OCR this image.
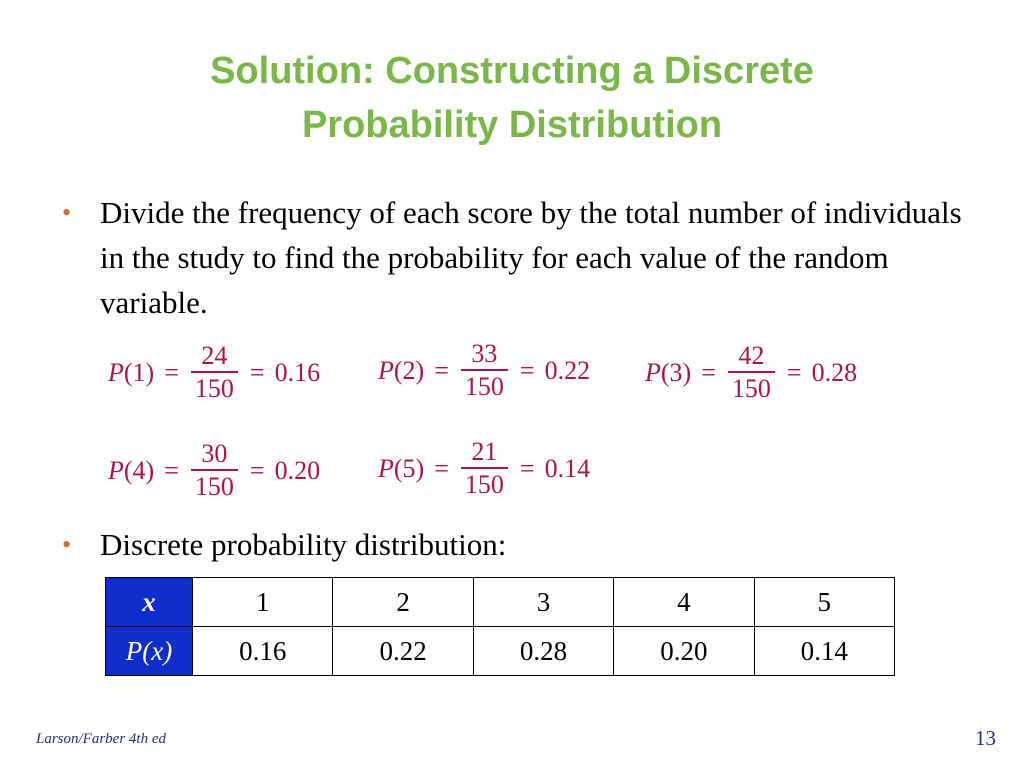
Solution: Constructing a Discrete
Probability Distribution
• Divide the frequency of each score by the total number of individuals in the study to find the probability for each value of the random variable.
P $(1) = \frac{24}{150} = 0.16$ P $(2) = \frac{33}{150} = 0.22$ P $(3) = \frac{42}{150} = 0.28$
P $(4) = \frac{30}{150} = 0.20$ P $(5) = \frac{21}{150} = 0.14$
• Discrete probability distribution:
x	1	2	3	4	5
P(x)	0.16	0.22	0.28	0.20	0.14
Larson/Farber 4th ed	13
